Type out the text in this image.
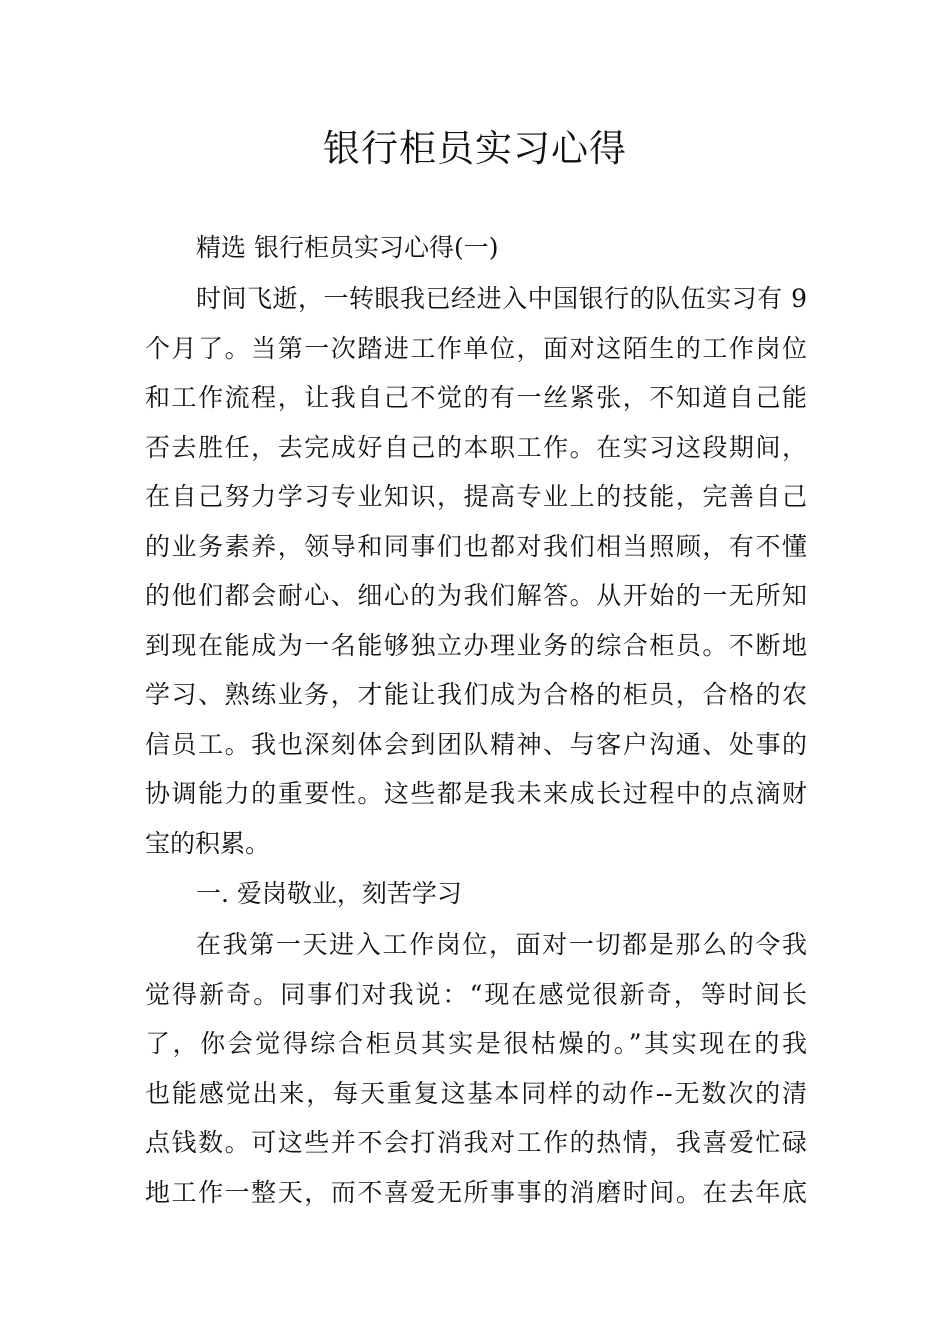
银行柜员实习心得

精选 银行柜员实习心得(一)

时间飞逝，一转眼我已经进入中国银行的队伍实习有 9

个月了。当第一次踏进工作单位，面对这陌生的工作岗位

和工作流程，让我自己不觉的有一丝紧张，不知道自己能

否去胜任，去完成好自己的本职工作。在实习这段期间，

在自己努力学习专业知识，提高专业上的技能，完善自己

的业务素养，领导和同事们也都对我们相当照顾，有不懂

的他们都会耐心、细心的为我们解答。从开始的一无所知

到现在能成为一名能够独立办理业务的综合柜员。不断地

学习、熟练业务，才能让我们成为合格的柜员，合格的农

信员工。我也深刻体会到团队精神、与客户沟通、处事的

协调能力的重要性。这些都是我未来成长过程中的点滴财

宝的积累。

一. 爱岗敬业，刻苦学习

在我第一天进入工作岗位，面对一切都是那么的令我

觉得新奇。同事们对我说：“现在感觉很新奇，等时间长

了，你会觉得综合柜员其实是很枯燥的。”其实现在的我

也能感觉出来，每天重复这基本同样的动作--无数次的清

点钱数。可这些并不会打消我对工作的热情，我喜爱忙碌

地工作一整天，而不喜爱无所事事的消磨时间。在去年底
